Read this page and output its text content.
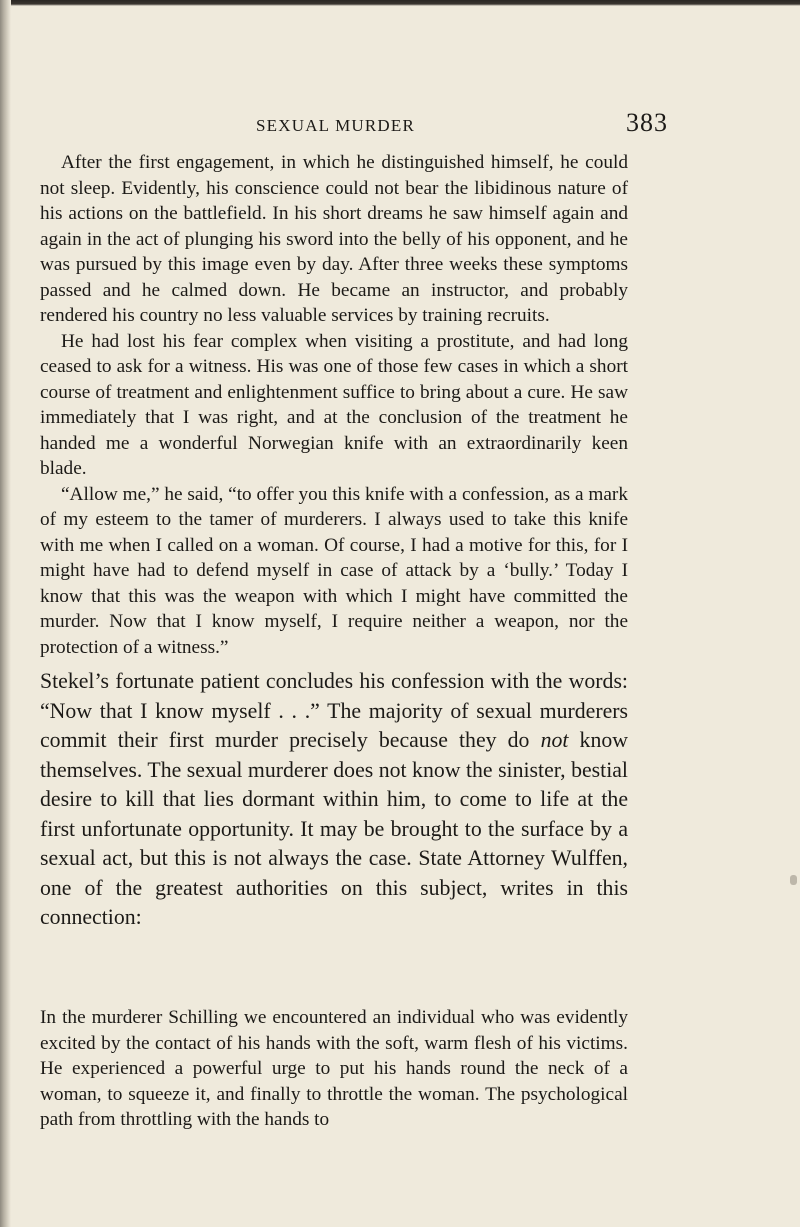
SEXUAL MURDER	383

After the first engagement, in which he distinguished himself, he could not sleep. Evidently, his conscience could not bear the libidinous nature of his actions on the battlefield. In his short dreams he saw himself again and again in the act of plunging his sword into the belly of his opponent, and he was pursued by this image even by day. After three weeks these symptoms passed and he calmed down. He became an instructor, and probably rendered his country no less valuable services by training recruits.

He had lost his fear complex when visiting a prostitute, and had long ceased to ask for a witness. His was one of those few cases in which a short course of treatment and enlightenment suffice to bring about a cure. He saw immediately that I was right, and at the conclusion of the treatment he handed me a wonderful Norwegian knife with an extraordinarily keen blade.

“Allow me,” he said, “to offer you this knife with a confession, as a mark of my esteem to the tamer of murderers. I always used to take this knife with me when I called on a woman. Of course, I had a motive for this, for I might have had to defend myself in case of attack by a ‘bully.’ Today I know that this was the weapon with which I might have committed the murder. Now that I know myself, I require neither a weapon, nor the protection of a witness.”

Stekel’s fortunate patient concludes his confession with the words: “Now that I know myself . . .” The majority of sexual murderers commit their first murder precisely because they do not know themselves. The sexual murderer does not know the sinister, bestial desire to kill that lies dormant within him, to come to life at the first unfortunate opportunity. It may be brought to the surface by a sexual act, but this is not always the case. State Attorney Wulffen, one of the greatest authorities on this subject, writes in this connection:

In the murderer Schilling we encountered an individual who was evidently excited by the contact of his hands with the soft, warm flesh of his victims. He experienced a powerful urge to put his hands round the neck of a woman, to squeeze it, and finally to throttle the woman. The psychological path from throttling with the hands to
